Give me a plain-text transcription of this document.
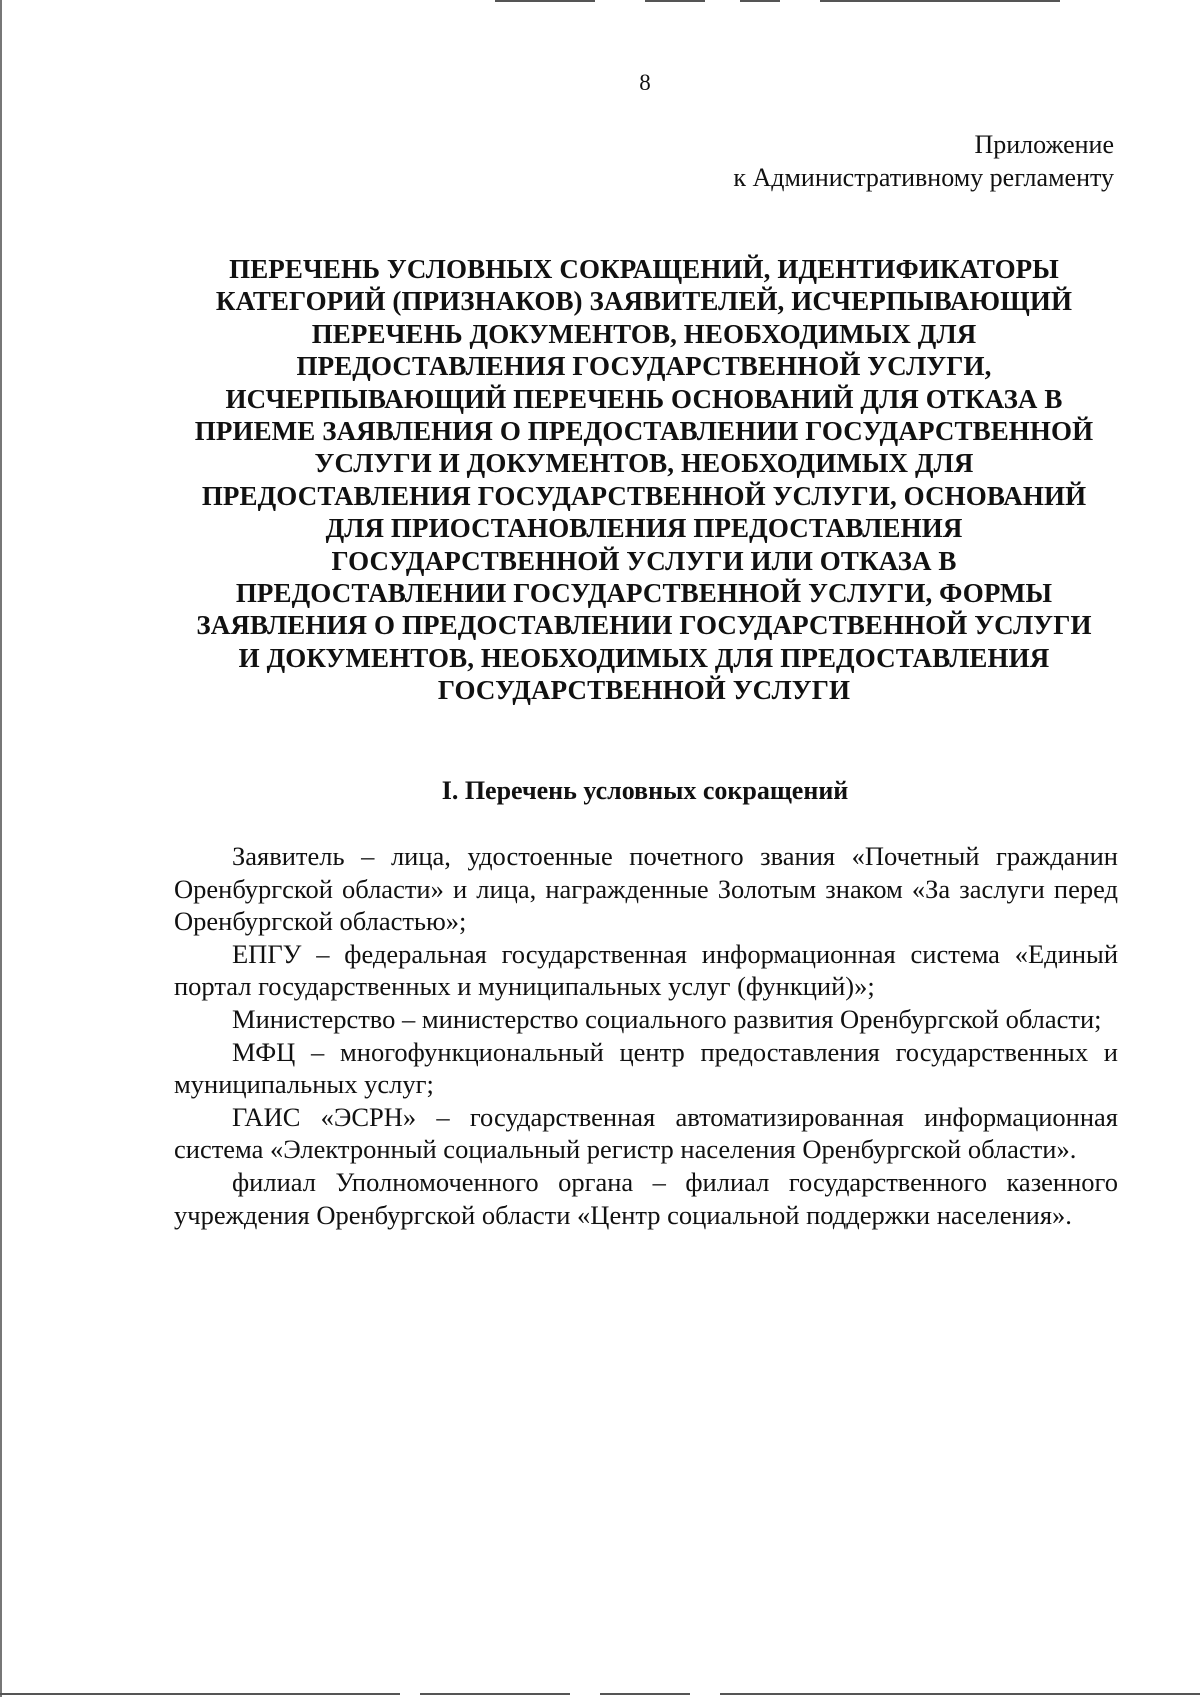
8
Приложение
к Административному регламенту
ПЕРЕЧЕНЬ УСЛОВНЫХ СОКРАЩЕНИЙ, ИДЕНТИФИКАТОРЫ
КАТЕГОРИЙ (ПРИЗНАКОВ) ЗАЯВИТЕЛЕЙ, ИСЧЕРПЫВАЮЩИЙ
ПЕРЕЧЕНЬ ДОКУМЕНТОВ, НЕОБХОДИМЫХ ДЛЯ
ПРЕДОСТАВЛЕНИЯ ГОСУДАРСТВЕННОЙ УСЛУГИ,
ИСЧЕРПЫВАЮЩИЙ ПЕРЕЧЕНЬ ОСНОВАНИЙ ДЛЯ ОТКАЗА В
ПРИЕМЕ ЗАЯВЛЕНИЯ О ПРЕДОСТАВЛЕНИИ ГОСУДАРСТВЕННОЙ
УСЛУГИ И ДОКУМЕНТОВ, НЕОБХОДИМЫХ ДЛЯ
ПРЕДОСТАВЛЕНИЯ ГОСУДАРСТВЕННОЙ УСЛУГИ, ОСНОВАНИЙ
ДЛЯ ПРИОСТАНОВЛЕНИЯ ПРЕДОСТАВЛЕНИЯ
ГОСУДАРСТВЕННОЙ УСЛУГИ ИЛИ ОТКАЗА В
ПРЕДОСТАВЛЕНИИ ГОСУДАРСТВЕННОЙ УСЛУГИ, ФОРМЫ
ЗАЯВЛЕНИЯ О ПРЕДОСТАВЛЕНИИ ГОСУДАРСТВЕННОЙ УСЛУГИ
И ДОКУМЕНТОВ, НЕОБХОДИМЫХ ДЛЯ ПРЕДОСТАВЛЕНИЯ
ГОСУДАРСТВЕННОЙ УСЛУГИ
I. Перечень условных сокращений

Заявитель – лица, удостоенные почетного звания «Почетный гражданин Оренбургской области» и лица, награжденные Золотым знаком «За заслуги перед Оренбургской областью»;

ЕПГУ – федеральная государственная информационная система «Единый портал государственных и муниципальных услуг (функций)»;

Министерство – министерство социального развития Оренбургской области;

МФЦ – многофункциональный центр предоставления государственных и муниципальных услуг;

ГАИС «ЭСРН» – государственная автоматизированная информационная система «Электронный социальный регистр населения Оренбургской области».

филиал Уполномоченного органа – филиал государственного казенного учреждения Оренбургской области «Центр социальной поддержки населения».
